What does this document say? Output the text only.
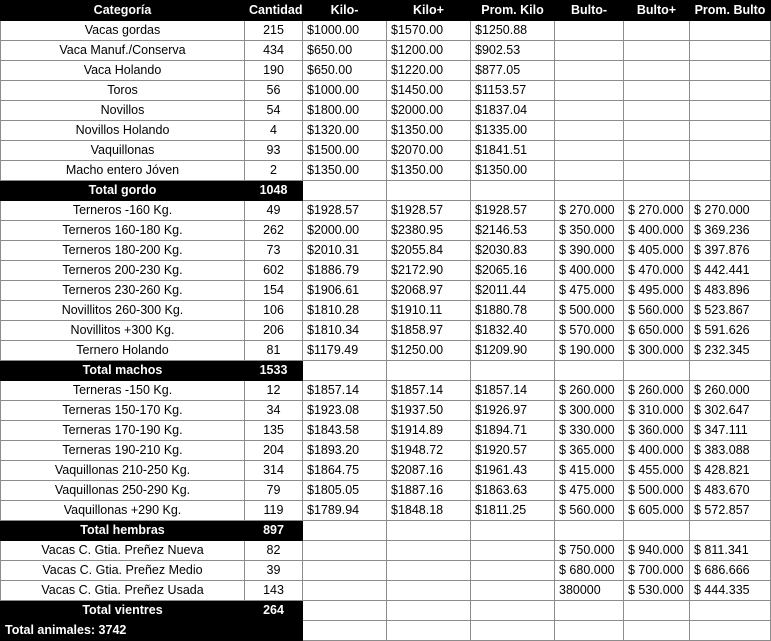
Categoría	Cantidad	Kilo-	Kilo+	Prom. Kilo	Bulto-	Bulto+	Prom. Bulto
Vacas gordas	215	$1000.00	$1570.00	$1250.88			
Vaca Manuf./Conserva	434	$650.00	$1200.00	$902.53			
Vaca Holando	190	$650.00	$1220.00	$877.05			
Toros	56	$1000.00	$1450.00	$1153.57			
Novillos	54	$1800.00	$2000.00	$1837.04			
Novillos Holando	4	$1320.00	$1350.00	$1335.00			
Vaquillonas	93	$1500.00	$2070.00	$1841.51			
Macho entero Jóven	2	$1350.00	$1350.00	$1350.00			
Total gordo	1048						
Terneros -160 Kg.	49	$1928.57	$1928.57	$1928.57	$ 270.000	$ 270.000	$ 270.000
Terneros 160-180 Kg.	262	$2000.00	$2380.95	$2146.53	$ 350.000	$ 400.000	$ 369.236
Terneros 180-200 Kg.	73	$2010.31	$2055.84	$2030.83	$ 390.000	$ 405.000	$ 397.876
Terneros 200-230 Kg.	602	$1886.79	$2172.90	$2065.16	$ 400.000	$ 470.000	$ 442.441
Terneros 230-260 Kg.	154	$1906.61	$2068.97	$2011.44	$ 475.000	$ 495.000	$ 483.896
Novillitos 260-300 Kg.	106	$1810.28	$1910.11	$1880.78	$ 500.000	$ 560.000	$ 523.867
Novillitos +300 Kg.	206	$1810.34	$1858.97	$1832.40	$ 570.000	$ 650.000	$ 591.626
Ternero Holando	81	$1179.49	$1250.00	$1209.90	$ 190.000	$ 300.000	$ 232.345
Total machos	1533						
Terneras -150 Kg.	12	$1857.14	$1857.14	$1857.14	$ 260.000	$ 260.000	$ 260.000
Terneras 150-170 Kg.	34	$1923.08	$1937.50	$1926.97	$ 300.000	$ 310.000	$ 302.647
Terneras 170-190 Kg.	135	$1843.58	$1914.89	$1894.71	$ 330.000	$ 360.000	$ 347.111
Terneras 190-210 Kg.	204	$1893.20	$1948.72	$1920.57	$ 365.000	$ 400.000	$ 383.088
Vaquillonas 210-250 Kg.	314	$1864.75	$2087.16	$1961.43	$ 415.000	$ 455.000	$ 428.821
Vaquillonas 250-290 Kg.	79	$1805.05	$1887.16	$1863.63	$ 475.000	$ 500.000	$ 483.670
Vaquillonas +290 Kg.	119	$1789.94	$1848.18	$1811.25	$ 560.000	$ 605.000	$ 572.857
Total hembras	897						
Vacas C. Gtia. Preñez Nueva	82				$ 750.000	$ 940.000	$ 811.341
Vacas C. Gtia. Preñez Medio	39				$ 680.000	$ 700.000	$ 686.666
Vacas C. Gtia. Preñez Usada	143				380000	$ 530.000	$ 444.335
Total vientres	264						
Total animales: 3742							
